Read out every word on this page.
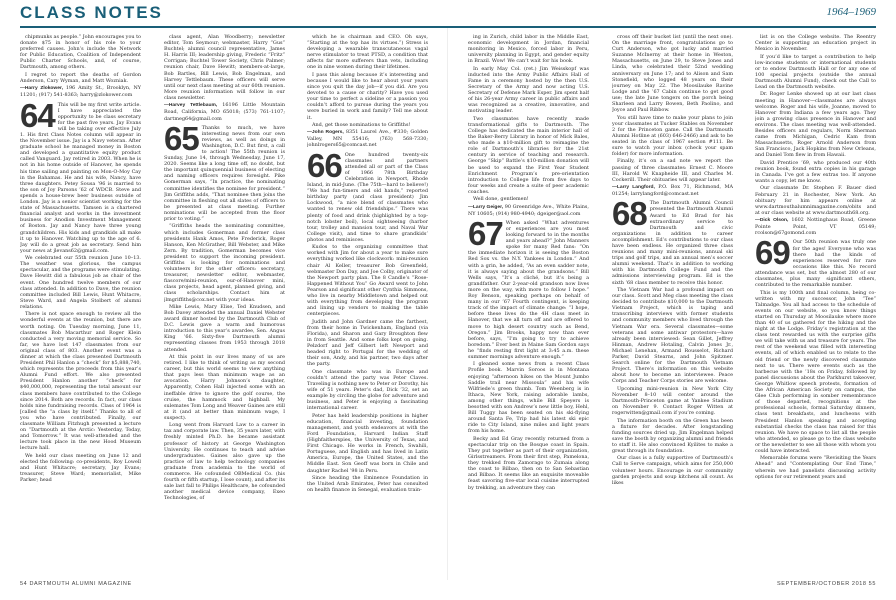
CLASS NOTES	1964–1969

chipmunks as people.” John encourages you to donate $75 in honor of his role to your preferred causes. John’s include the Network for Public Education, Coalition of Independent Public Charter Schools, and, of course, Dartmouth, among others.

I regret to report the deaths of Gordon Anderson, Cary Wyman, and Matt Wozniak.

—Harry Zlokower, 196 Amity St., Brooklyn, NY 11201; (917) 541-8363; harry@zlokower.com

64 This will be my first write article. I have appreciated the opportunity to be class secretary for the past five years. Jay Evans will be taking over effective July 1. His first Class Notes column will appear in the November issue. Jay is a Navy veteran. After graduate school he managed money in Boston and developed a quantitative equity product called Vanguard. Jay retired in 2003. When he is not in his home outside of Hanover, he spends his time sailing and painting on Mon-O-Moy Cay in the Bahamas. He and his wife, Nancy, have three daughters. Petey Sousa ’96 is married to the son of Joy Parsons ’62 of WDCB. Steve and spends a house-brew beer business outside of London. Jay is a senior scientist working for the state of Massachusetts. Tamsen is a chartered financial analyst and works in the investment business for Anodion Investment Management of Boston. Jay and Nancy have three young grandchildren. His kids and grandkids all make it up to Hanover. Watching up to the age of 6. Jay will do a great job as secretary. Send him your news at jlevans62@gmail.com.

We celebrated our 55th reunion June 10–13. The weather was glorious, the campus spectacular, and the programs were stimulating. Dave Hewitt did a fabulous job as chair of the event. One hundred twelve members of our class attended. In addition to Dave, the reunion committee included Bill Lewis, Hunt Whitacre, Steve Ward, and Angela Stolbert of alumni relations.

There is not space enough to review all the wonderful events at the reunion, but there are worth noting. On Tuesday morning, June 11, classmates Bob Macarthur and Roger Klein conducted a very moving memorial service. So far, we have lost 147 classmates from our original class of 803. Another event was a dinner at which the class presented Dartmouth President Phil Hanlon a “check” for $5,888,740, which represents the proceeds from this year’s Alumni Fund effort. We also presented President Hanlon another “check” for $40,000,000, representing the total amount our class members have contributed to the College since 2014. Both are records. In fact, our class holds nine fundraising records. Class of 1964 is [called the “a class by itself.” Thanks to all of you who have contributed. Finally, our classmate William Fitzhugh presented a lecture on “Dartmouth at the Arctic: Yesterday, Today, and Tomorrow.” It was well-attended and the lecture took place in the new Hood Museum lecture hall.

We held our class meeting on June 12 and elected the following: co-presidents, Roy Lowell and Hunt Whitacre; secretary, Jay Evans; treasurer, Steve Ward; memorialist, Mike Parker; head

class agent, Alan Woodberry; newsletter editor, Tom Seymour; webmaster, Harry “Gus” Buchtel; alumni council representative, James H. Harris III; leadership giving, Frederic “Fritz” Corrigan; Buchtel Tower Society, Chris Palmer; reunion chair, Dave Hewitt; members-at-large, Bob Bartles, Bill Lewis, Bob Engelman, and Harvey Tettlebaum. These officers will serve until our next class meeting at our 60th reunion. More reunion information will follow in our class newsletter.

—Harvey Tettlebaum, 16196 Little Mountain Road, California, MO 65018; (573) 761-1107; dartmeg64@gmail.com

65 Thanks to much, we have interesting news from our own reviews, as well as doings in Washington, D.C. But first, a call to action! The 55th reunion is Sunday, June 14, through Wednesday, June 17, 2020. Seems like a long time off, no doubt, but the important quinquennial business of electing and naming officers requires foresight. Pike Gomerman says, “In practice, the nominating committee identifies the nominee for president.” Jim Griffiths adds, “That nominee then joins the committee in fleshing out all slates of officers to be presented at class meeting. Further nominations will be accepted from the floor prior to voting.”

“Griffiths heads the nominating committee, which includes Gomerman and former class presidents Hank Amos, Pete Frederick, Roger Hanson, Ken McGrather, Bill Webster, and Mike Zern. By tradition, Gomerman becomes vice president to support the incoming president. Griffiths is looking for nominations and volunteers for the other officers: secretary, treasurer, newsletter editor, webmaster, fiascore/mini-reunion, our-of-Hanover mini, class projects, head agent, planned giving, and class scholarships. Contact him at jlmgriffiths@cox.net with your ideas.

Mike Lewis, Mary Elise, Ted Knudsen, and Bob Davey attended the annual Daniel Webster award dinner hosted by the Dartmouth Club of D.C. Lewis gave a warm and humorous introduction to this year’s awardee, Sen. Angus King ’66. Sixty-five Dartmouth alumni representing classes from 1953 through 2018 attended.

At this point in our lives many of us are retired. I like to think of writing as my second career, but this world seems to view anything that pays less than minimum wage as an avocation. Harry Johnson’s daughter, Apparently, Cohen Hall injected some with an ineffable drive to ignore the golf course, the cruise, the hammock and highball. My sulemates Tom Long and Weaver Gaines are still at it (and at better than minimum wage, I suspect).

Long went from Harvard Law to a career in tax and corporate law. Then, 35 years later, with freshly minted Ph.D. he became assistant professor of history at George Washington University. He continues to teach and advise undergraduates. Gaines also gave up the practice of law to help technology companies graduate from academia to the world of commerce. He cofounded OBMedical Co. (his fourth or fifth startup, I lose count), and after its sale last fall to Philips Healthcare, he cofounded another medical device company, Exeo Technologies, of

which he is chairman and CEO. Oh says, “Starting at the top has its virtues.”) Stress is developing a wearable transcutaneous vagal nerve stimulator to treat PTSD, a condition that affects far more sufferers than vets, including one in nine women during their lifetimes.

I pass this along because it’s interesting and because I would like to hear about your years since you quit the day job—if you did. Are you devoted to a cause or charity? Have you used your time to perfect a sideline or a passion you couldn’t afford to pursue during the years you were buried in work and family? Tell me about it.

And, get those nominations to Griffiths!

—John Rogers, 8351 Laurel Ave., #330; Golden Valley, MN 55416; (763) 568-7330; johnlrogers65@comcast.net

66 One hundred twenty-six classmates and partners attended all or part of the Class of 1966 78th Birthday Celebration in Newport, Rhode Island, in mid-June. (The 75th—hard to believe!) “We had fun-timers and old hands,” reported birthday party (and class president) Jim Lockwood, “a nice blend of classmates who wanted to renew old friendships.” There was plenty of food and drink (highlighted by a top-notch lobster boil), local sightseeing (harbor tour, trolley and mansion tour, and Naval War College visit), and time to share grandkids’ photos and reminisces.

Kudos to the organizing committee that worked with Jim for about a year to make sure everything worked like clockwork: mini-reunion chair Al Keller, treasurer Bob Greenfield, webmaster Don Day, and Joe Colby, originator of the Newport party plan. The 8 Candle’s “Rose-Happened Without You” Go Award went to John Pearson and significant other Cynthia Simmons, who live in nearby Middletown and helped out with everything from developing the program and lining up vendors to making the table centerpieces.

Judith and John Gardner came the farthest, from their home in Twickenham, England (via Florida), and Sharon and Gary Broughton flew in from Seattle. And some folks kept on going. Pelzdorf and Jeff Gilbert left Newport and headed right to Portugal for the wedding of their son, Andy, and his partner, two days after the party.

One classmate who was in Europe and couldn’t attend the party was Peter Claves. Traveling is nothing new to Peter or Dorothy, his wife of 51 years. Peter’s dad, Dick ’32, set an example by circling the globe for adventure and business, and Peter is enjoying a fascinating international career.

Peter has held leadership positions in higher education, financial investing, foundation management, and youth endeavors at with the Ford Foundation, Harvard Indian Staff (Highfaitherspies, the University of Texas, and First Chicago. He works in French, Swahili, Portuguese, and English and has lived in Latin America, Europe, the United States, and the Middle East. Son Geoff was born in Chile and daughter Rachel ’98 in Peru.

Since heading the Eminence Foundation in the United Arab Emirates, Peter has consulted on health finance in Senegal, evaluation train-

ing in Zurich, child labor in the Middle East, economic development in Jordan, financial monitoring in Mexico, forced labor in Peru, university planning in Egypt, and gender equity in Brazil. Wow! We can’t wait for his book.

In early May Col. (ret.) Jim Weisskopf was inducted into the Army Public Affairs Hall of Fame in a ceremony hosted by the then U.S. Secretary of the Army and now acting U.S. Secretary of Defense Mark Esper. Jim spent half of his 26-year Army career in public affairs and was recognized as a creative, innovative, and motivating leader.

Two classmates have recently made transformational gifts to Dartmouth. The College has dedicated the main interior hall of the Baker-Berry Library in honor of Mick Bales, who made a $10-million gift to reimagine the role of Dartmouth’s libraries for the 21st century in service of teaching and research. George “Skip” Battle’s $10-million donation will be used to expand the First Year Student Enrichment Program’s pre-orientation introduction to College life from five days to four weeks and create a suite of peer academic coaches.

Well done, gentlemen!

—Larry Geiger, 90 Greenridge Ave., White Plains, NY 10605; (914) 980-4940; dgeiger@aol.com

67 When asked “What adventures or experiences are you most looking forward to in the months and years ahead?” John Manners spoke for many Red fans: “On the immediate horizon it is seeing the Boston Red Sox vs. the N.Y. Yankees in London.” And with a grin, he added, “As an even sadder note, it is always saying about the grandsons.” Bill Wells says, “It’s a cliché, but it’s being a grandfather. Our 2-year-old grandson now lives more on the way, with more to follow I hope.” Roy Benson, speaking perhaps on behalf of many in our ’67 Fourth contingent, is keeping track of the impact of climate change: “I hope, before these lives do the 4H class meet in Hanover, that we all turn off and are offered to move to high desert country such as Bend, Oregon.” Jim Brooks, happy now than ever before, says, “I’m going to try to achieve boredom.” Ever best in Maine Sam Gordon says he “finds resting first light at 3:45 a.m. these summer mornings adventure enough.”

I gleaned some news from a recent Class Profile book. Marvin Soroos is in Montana enjoying “afternoon hikes on the Mount Jumbo Saddle trail near Missoula” and his wife Wilfriede’s green thumb. Tom Weenberg is in Ithaca, New York, raising adorable lambs, among other things, while Bill Speyers is besotted with son Andrew’s new little boy, Hehl, Bill Tuggy has been seated on his ski-flying around Santa Fe, Trip had his latest ski epic ride to City Island, nine miles and light years from his home.

Becky and Ed Gray recently returned from a spectacular trip on the Bosque coast in Spain. They put together as part of their organization, Girlsstreamers. From their first step, Pamelona, they trekked from Zamorago to Zumaia along the coast to Bilbao, then on to San Sebastian and Bilbao. It seems like an exquisite moveable feast savoring five-star local cuisine interrupted by trekking, an adventure they can

cross off their bucket list (until the next one). On the marriage front, congratulations go to Curt Anderson, who got lucky and married Suzanne McInerny at their home in Weston, Massachusetts, on June 29, to Steve Jones and Linda, who celebrated their 52nd wedding anniversary on June 17; and to Alison and Sam Stonefield, who logged 48 years on their journey on May 22. The Moosilauke Ravine Lodge and the ’67 Cabin continue to get good use; the late June tongers on the porch being Sharleen and Larry Bowen, Beth Paolino, and Joyce and Paul Ribbow.

You still have time to make your plans to join your classmates at Tucker Stables on November 2 for the Princeton game. Call the Dartmouth Alumni Hotline at (603) 646-2466) and ask to be seated in the class of 1967 section #111. Be sure to watch your inbox (check your spam folder) for more information.

Finally, it’s on a sad note we report the passing of three classmates: Ernest C. Moore III, Harold W. Knapheide III, and Charles M. Cockerill. Their obituaries will appear later.

—Larry Langford, P.O. Box 71, Richmond, MA 01254; larrylangford@comcast.net

68 The Dartmouth Alumni Council presented the Dartmouth Alumni Award to Ed Brad for his extraordinary service to Dartmouth and civic organizations in addition to career accomplishment. Ed’s contributions to our class have been endless. He organized three class reunions and many mini-reunions, annual ski trips and golf trips, and an annual men’s soccer alumni weekend. That’s in addition to working with his Dartmouth College Fund and the admissions interviewing program. Ed is the sixth ’68 class member to receive this honor.

The Vietnam War had a profound impact on our class. Scott and Meg class meeting the class decided to contribute $10,000 to the Dartmouth Vietnam Project, which is taping and transcribing interviews with former students and community members who lived through the Vietnam War era. Several classmates—some veterans and some antiwar protestors—have already been interviewed: Sean Gillet, Jeffrey Hinman, Andrew Hotaling, Calvin Jones Jr., Michael Lenehan, Armand Rousselot, Richard Parker, David Stearns, and John Spitzner. Search online for the Dartmouth Vietnam Project. There’s information on this website about how to become an interviewee. Peace Corps and Teacher Corps stories are welcome.

Upcoming mini-reunion in New York City November 8–10 will center around the Dartmouth-Princeton game at Yankee Stadium on November 9. Contact Roger Witten at rogerwitten@gmail.com if you’re coming.

The information booth on the Green has been a fixture for decades. After longstanding funding sources dried up, Jim Engelman helped save the booth by organizing alumni and friends to staff it. He also convinced Kyilites to make a great through its foundation.

Our class is a fully supportive of Dartmouth’s Call to Serve campaign, which aims for 250,000 volunteer hours. Encourage in our community garden projects and soup kitchens all count. As likes

list is on the College website. The Reentry Center is supporting an education project in Mexico in November.

If you’d like to target a contribution to help low-income students or international students or to endow Dartmouth Hall or for any one of 100 special projects (outside the annual Dartmouth Alumni Fund), check out the Call to Lead on the Dartmouth website.

Dr. Roger Lenke showed up at our last class meeting in Hanover—classmates are always welcome. Roger and his wife, Joanne, moved to Hanover from Indiana a few years ago. They join a growing class presence in Hanover and environs. The class meeting was well-attended. Besides officers and regulars, Norm Sherman came from Michigan, Cedric Kam from Massachusetts, Roger Arnold Anderson from San Francisco, Jack Hopkins from New Orleans, and Daniel Tom flew in from Hawaii.

David Prentice ’69, who produced our 40th reunion book, found extra copies in his garage in Canada. I’ve got a few extras too. If anyone wants a copy, let me know.

Our classmate Dr. Stephen F. Bauer died February 21 in Rochester, New York. An obituary for him appears online at www.dartmouthalumnimagazine.com/obits and at our class website at www.dartmouth68.org.

—Dick Olson, 1602 Nottinghaus Road, Greene Pointe Point, VT 05149; rcolson@67gomond.com

69 Our 50th reunion was truly one for the ages! Everyone who was there had the kinds of experiences reserved for rare occasions like this. No record attendance was set, but the almost 280 of our classmates, plus many significant others, contributed to the remarkable number.

This is my 100th and final column, being co-written with my successor, John “Tee” Talmadge. You all had access to the schedule of events on our website, so you know things started on Thursday at Moosilauke where more than 40 of us gathered for the hiking and the night at the Lodge. Friday’s registration at the class tent rewarded us with the surprise gifts we will take with us and treasure for years. The rest of the weekend was filled with interesting events, all of which enabled us to relate to the old friend or the newly discovered classmate next to us. There were events such as the barbecue with the ’18s on Friday, followed by panel discussions about the Parkhurst takeover, George Whitlow speech protests, formation of the African American Society on campus, the Glee Club performing in somber remembrance of those departed, recognitions at the professional schools, formal Saturday dinners, class tent breakfasts, and luncheons with President Hanlon speaking and accepting substantial checks the class has raised for this reunion. We have no space to list all the people who attended, so please go to the class website or the newsletter to see all those with whom you could have interacted.

Memorable forums were “Revisiting the Years Ahead” and “Contemplating Our End Time,” wherein we had panelists discussing activity options for our retirement years and

54 DARTMOUTH ALUMNI MAGAZINE	SEPTEMBER/OCTOBER 2018 55
